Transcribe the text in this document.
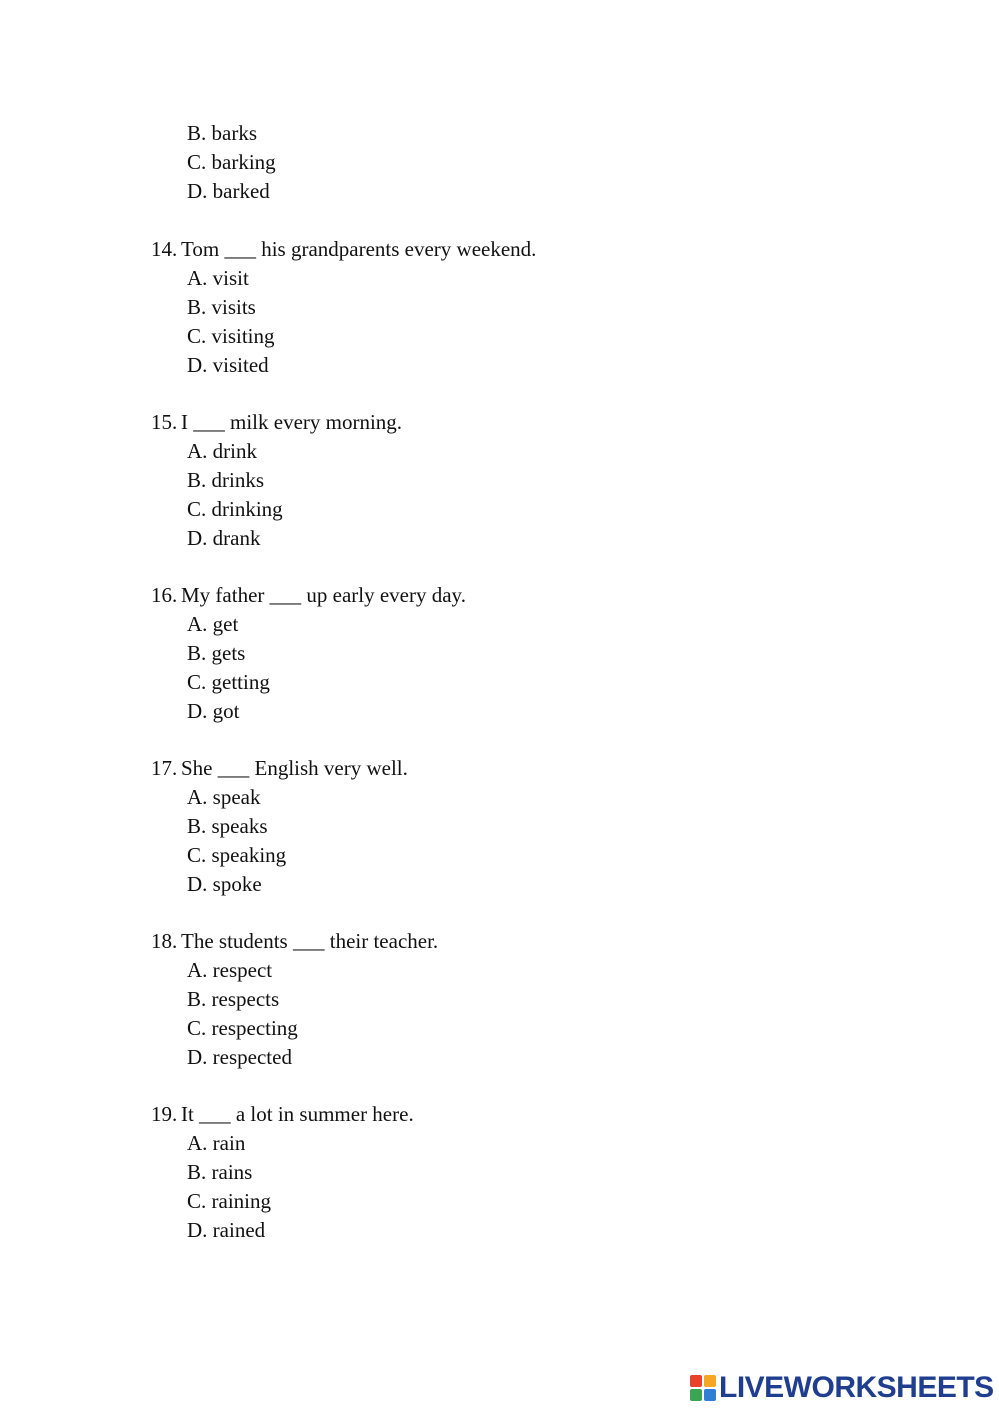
B. barks
C. barking
D. barked
14. Tom ___ his grandparents every weekend.
A. visit
B. visits
C. visiting
D. visited
15. I ___ milk every morning.
A. drink
B. drinks
C. drinking
D. drank
16. My father ___ up early every day.
A. get
B. gets
C. getting
D. got
17. She ___ English very well.
A. speak
B. speaks
C. speaking
D. spoke
18. The students ___ their teacher.
A. respect
B. respects
C. respecting
D. respected
19. It ___ a lot in summer here.
A. rain
B. rains
C. raining
D. rained
LIVEWORKSHEETS
